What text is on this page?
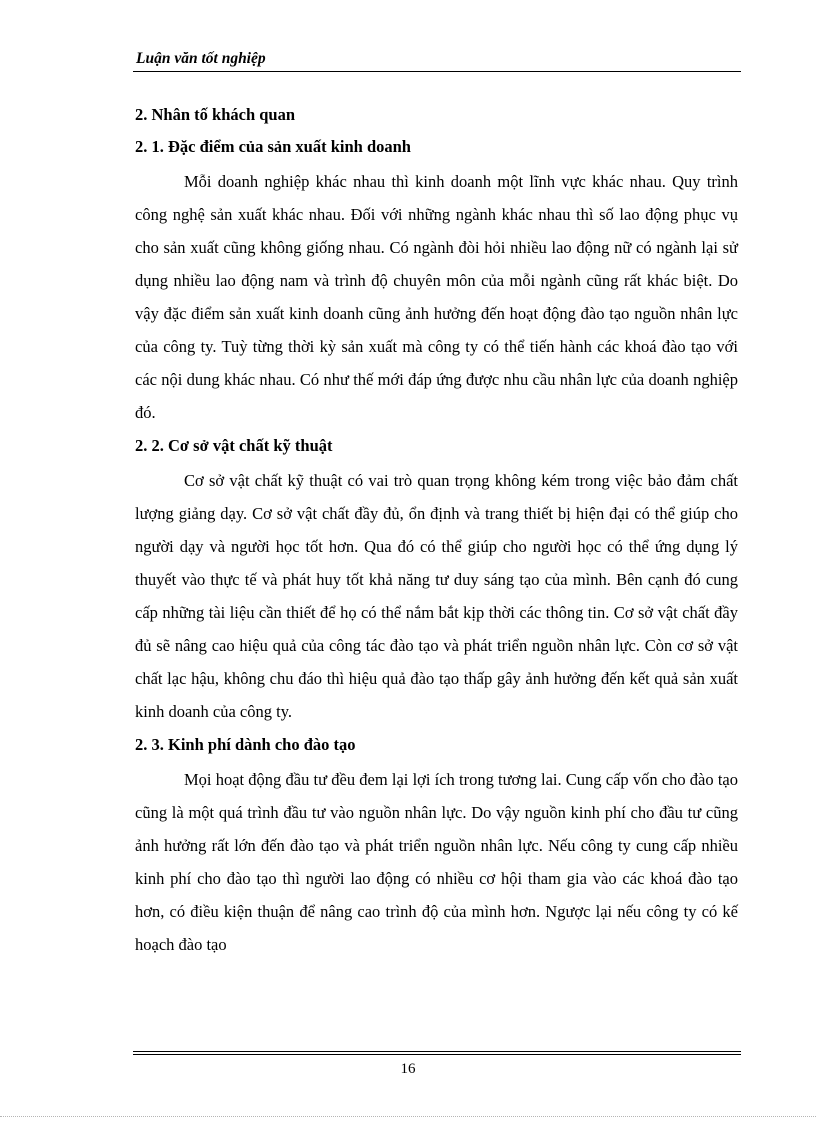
Luận văn tốt nghiệp

2. Nhân tố khách quan

2. 1. Đặc điểm của sản xuất kinh doanh

Mỗi doanh nghiệp khác nhau thì kinh doanh một lĩnh vực khác nhau. Quy trình công nghệ sản xuất khác nhau. Đối với những ngành khác nhau thì số lao động phục vụ cho sản xuất cũng không giống nhau. Có ngành đòi hỏi nhiều lao động nữ có ngành lại sử dụng nhiều lao động nam và trình độ chuyên môn của mỗi ngành cũng rất khác biệt. Do vậy đặc điểm sản xuất kinh doanh cũng ảnh hưởng đến hoạt động đào tạo nguồn nhân lực của công ty. Tuỳ từng thời kỳ sản xuất mà công ty có thể tiến hành các khoá đào tạo với các nội dung khác nhau. Có như thế mới đáp ứng được nhu cầu nhân lực của doanh nghiệp đó.

2. 2. Cơ sở vật chất kỹ thuật

Cơ sở vật chất kỹ thuật có vai trò quan trọng không kém trong việc bảo đảm chất lượng giảng dạy. Cơ sở vật chất đầy đủ, ổn định và trang thiết bị hiện đại có thể giúp cho người dạy và người học tốt hơn. Qua đó có thể giúp cho người học có thể ứng dụng lý thuyết vào thực tế và phát huy tốt khả năng tư duy sáng tạo của mình. Bên cạnh đó cung cấp những tài liệu cần thiết để họ có thể nắm bắt kịp thời các thông tin. Cơ sở vật chất đầy đủ sẽ nâng cao hiệu quả của công tác đào tạo và phát triển nguồn nhân lực. Còn cơ sở vật chất lạc hậu, không chu đáo thì hiệu quả đào tạo thấp gây ảnh hưởng đến kết quả sản xuất kinh doanh của công ty.

2. 3. Kinh phí dành cho đào tạo

Mọi hoạt động đầu tư đều đem lại lợi ích trong tương lai. Cung cấp vốn cho đào tạo cũng là một quá trình đầu tư vào nguồn nhân lực. Do vậy nguồn kinh phí cho đầu tư cũng ảnh hưởng rất lớn đến đào tạo và phát triển nguồn nhân lực. Nếu công ty cung cấp nhiều kinh phí cho đào tạo thì người lao động có nhiều cơ hội tham gia vào các khoá đào tạo hơn, có điều kiện thuận để nâng cao trình độ của mình hơn. Ngược lại nếu công ty có kế hoạch đào tạo

16
